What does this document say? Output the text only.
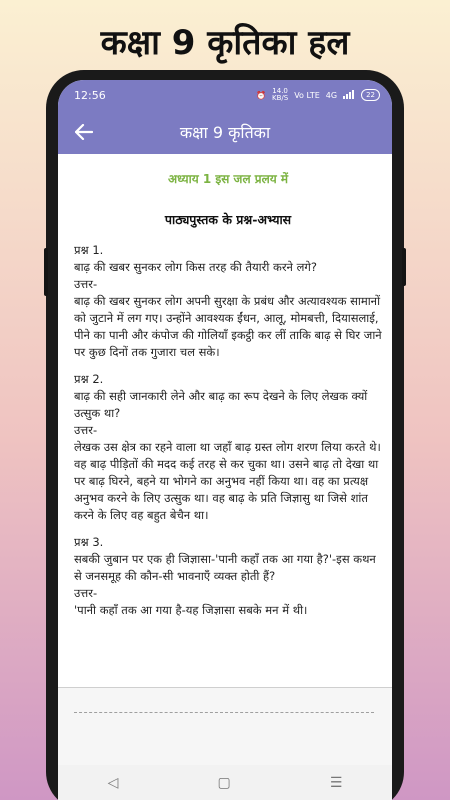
कक्षा 9 कृतिका हल
12:56	⏰ 14.0
KB/S Vo LTE 4G	22
कक्षा 9 कृतिका
अध्याय 1 इस जल प्रलय में
पाठ्यपुस्तक के प्रश्न-अभ्यास
प्रश्न 1.
बाढ़ की खबर सुनकर लोग किस तरह की तैयारी करने लगे?
उत्तर-
बाढ़ की खबर सुनकर लोग अपनी सुरक्षा के प्रबंध और अत्यावश्यक सामानों को जुटाने में लग गए। उन्होंने आवश्यक ईंधन, आलू, मोमबत्ती, दियासलाई, पीने का पानी और कंपोज की गोलियाँ इकट्ठी कर लीं ताकि बाढ़ से घिर जाने पर कुछ दिनों तक गुजारा चल सके।
प्रश्न 2.
बाढ़ की सही जानकारी लेने और बाढ़ का रूप देखने के लिए लेखक क्यों उत्सुक था?
उत्तर-
लेखक उस क्षेत्र का रहने वाला था जहाँ बाढ़ ग्रस्त लोग शरण लिया करते थे। वह बाढ़ पीड़ितों की मदद कई तरह से कर चुका था। उसने बाढ़ तो देखा था पर बाढ़ घिरने, बहने या भोगने का अनुभव नहीं किया था। वह का प्रत्यक्ष अनुभव करने के लिए उत्सुक था। वह बाढ़ के प्रति जिज्ञासु था जिसे शांत करने के लिए वह बहुत बेचैन था।
प्रश्न 3.
सबकी जुबान पर एक ही जिज्ञासा-'पानी कहाँ तक आ गया है?'-इस कथन से जनसमूह की कौन-सी भावनाएँ व्यक्त होती हैं?
उत्तर-
'पानी कहाँ तक आ गया है-यह जिज्ञासा सबके मन में थी।
◁	▢	☰
